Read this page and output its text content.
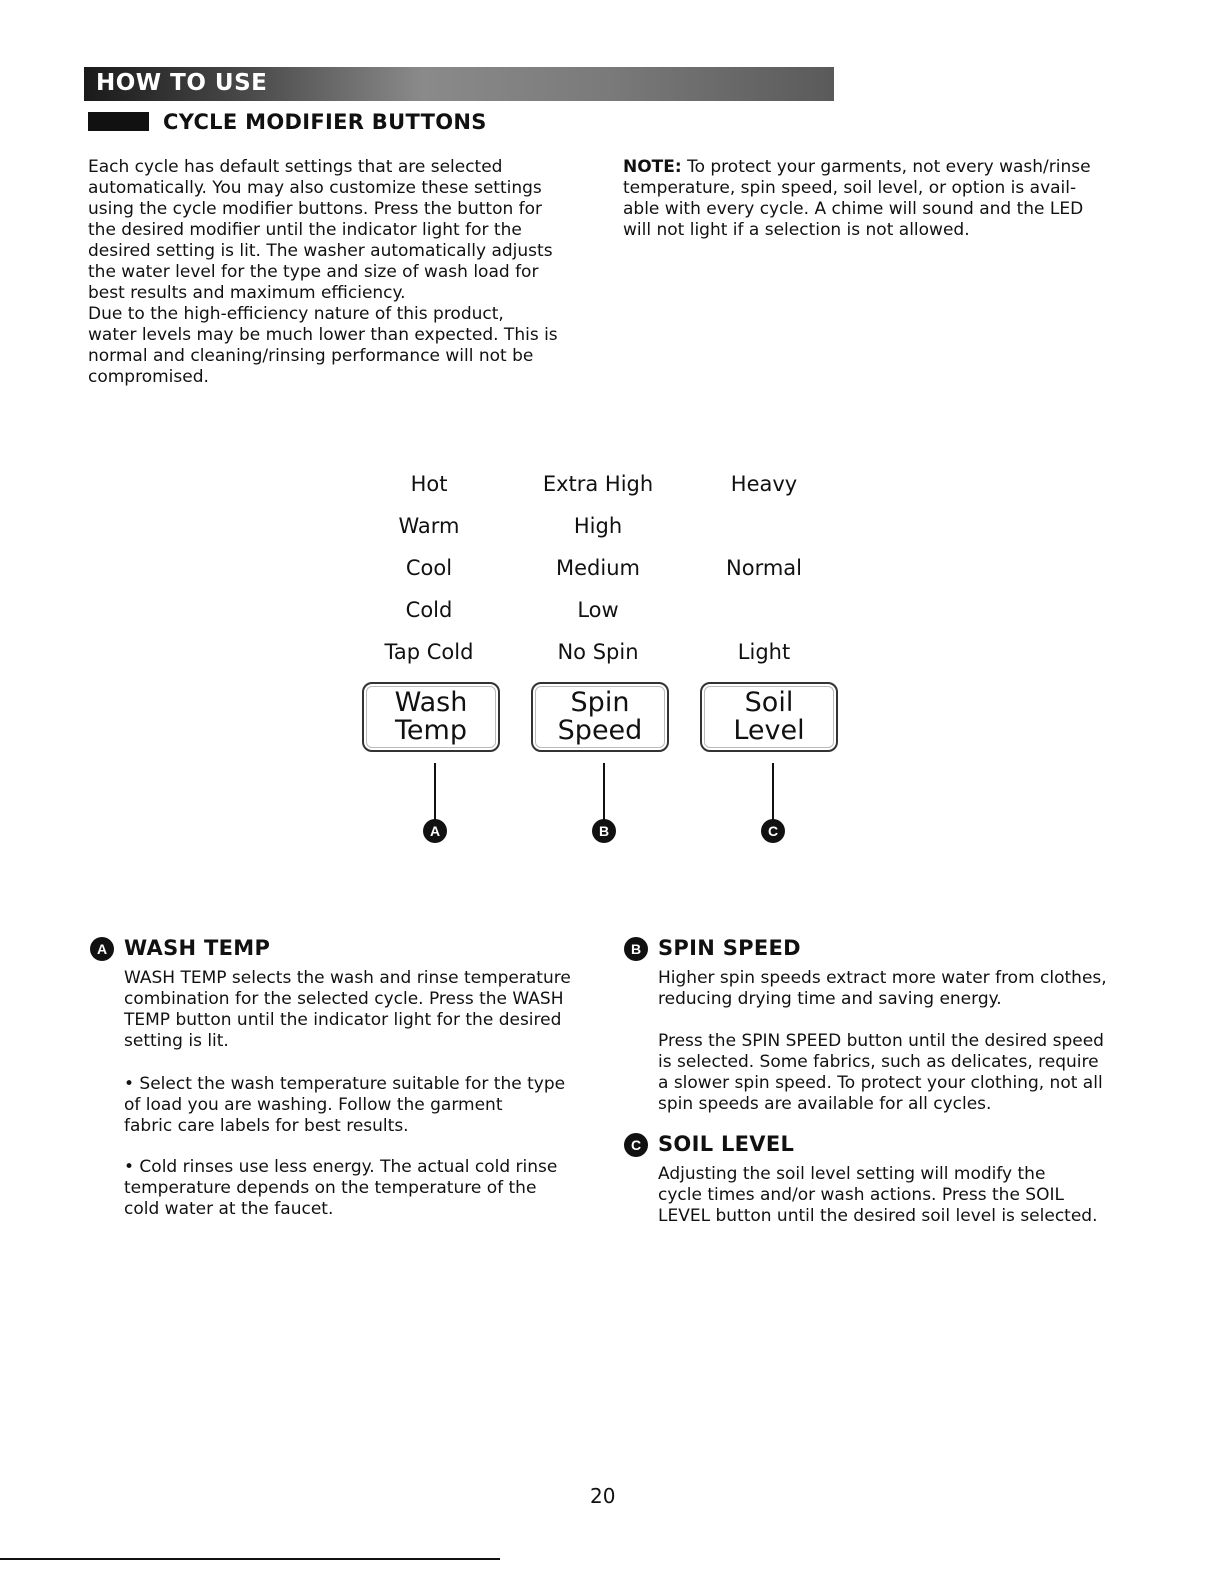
HOW TO USE
CYCLE MODIFIER BUTTONS
Each cycle has default settings that are selected
automatically. You may also customize these settings
using the cycle modifier buttons. Press the button for
the desired modifier until the indicator light for the
desired setting is lit. The washer automatically adjusts
the water level for the type and size of wash load for
best results and maximum efficiency.
Due to the high-efficiency nature of this product,
water levels may be much lower than expected. This is
normal and cleaning/rinsing performance will not be
compromised.
NOTE: To protect your garments, not every wash/rinse
temperature, spin speed, soil level, or option is avail-
able with every cycle. A chime will sound and the LED
will not light if a selection is not allowed.
Hot
Warm
Cool
Cold
Tap Cold
Extra High
High
Medium
Low
No Spin
Heavy
Normal
Light
Wash
Temp
Spin
Speed
Soil
Level
A	B	C
A WASH TEMP
WASH TEMP selects the wash and rinse temperature
combination for the selected cycle. Press the WASH
TEMP button until the indicator light for the desired
setting is lit.
• Select the wash temperature suitable for the type
of load you are washing. Follow the garment
fabric care labels for best results.
• Cold rinses use less energy. The actual cold rinse
temperature depends on the temperature of the
cold water at the faucet.
B SPIN SPEED
Higher spin speeds extract more water from clothes,
reducing drying time and saving energy.
Press the SPIN SPEED button until the desired speed
is selected. Some fabrics, such as delicates, require
a slower spin speed. To protect your clothing, not all
spin speeds are available for all cycles.
C SOIL LEVEL
Adjusting the soil level setting will modify the
cycle times and/or wash actions. Press the SOIL
LEVEL button until the desired soil level is selected.
20
